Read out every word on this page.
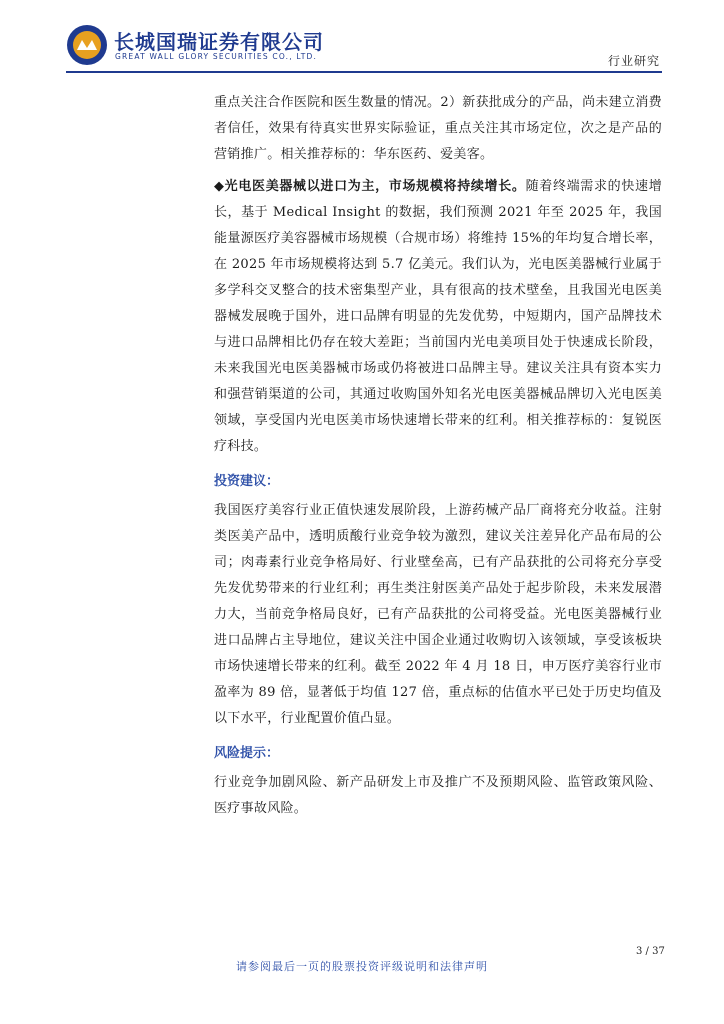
长城国瑞证券有限公司
GREAT WALL GLORY SECURITIES CO., LTD.	行业研究

重点关注合作医院和医生数量的情况。2）新获批成分的产品，尚未建立消费者信任，效果有待真实世界实际验证，重点关注其市场定位，次之是产品的营销推广。相关推荐标的：华东医药、爱美客。

◆光电医美器械以进口为主，市场规模将持续增长。随着终端需求的快速增长，基于 Medical Insight 的数据，我们预测 2021 年至 2025 年，我国能量源医疗美容器械市场规模（合规市场）将维持 15%的年均复合增长率，在 2025 年市场规模将达到 5.7 亿美元。我们认为，光电医美器械行业属于多学科交叉整合的技术密集型产业，具有很高的技术壁垒，且我国光电医美器械发展晚于国外，进口品牌有明显的先发优势，中短期内，国产品牌技术与进口品牌相比仍存在较大差距；当前国内光电美项目处于快速成长阶段，未来我国光电医美器械市场或仍将被进口品牌主导。建议关注具有资本实力和强营销渠道的公司，其通过收购国外知名光电医美器械品牌切入光电医美领域，享受国内光电医美市场快速增长带来的红利。相关推荐标的：复锐医疗科技。

投资建议：

我国医疗美容行业正值快速发展阶段，上游药械产品厂商将充分收益。注射类医美产品中，透明质酸行业竞争较为激烈，建议关注差异化产品布局的公司；肉毒素行业竞争格局好、行业壁垒高，已有产品获批的公司将充分享受先发优势带来的行业红利；再生类注射医美产品处于起步阶段，未来发展潜力大，当前竞争格局良好，已有产品获批的公司将受益。光电医美器械行业进口品牌占主导地位，建议关注中国企业通过收购切入该领域，享受该板块市场快速增长带来的红利。截至 2022 年 4 月 18 日，申万医疗美容行业市盈率为 89 倍，显著低于均值 127 倍，重点标的估值水平已处于历史均值及以下水平，行业配置价值凸显。

风险提示：

行业竞争加剧风险、新产品研发上市及推广不及预期风险、监管政策风险、医疗事故风险。

3 / 37
请参阅最后一页的股票投资评级说明和法律声明
